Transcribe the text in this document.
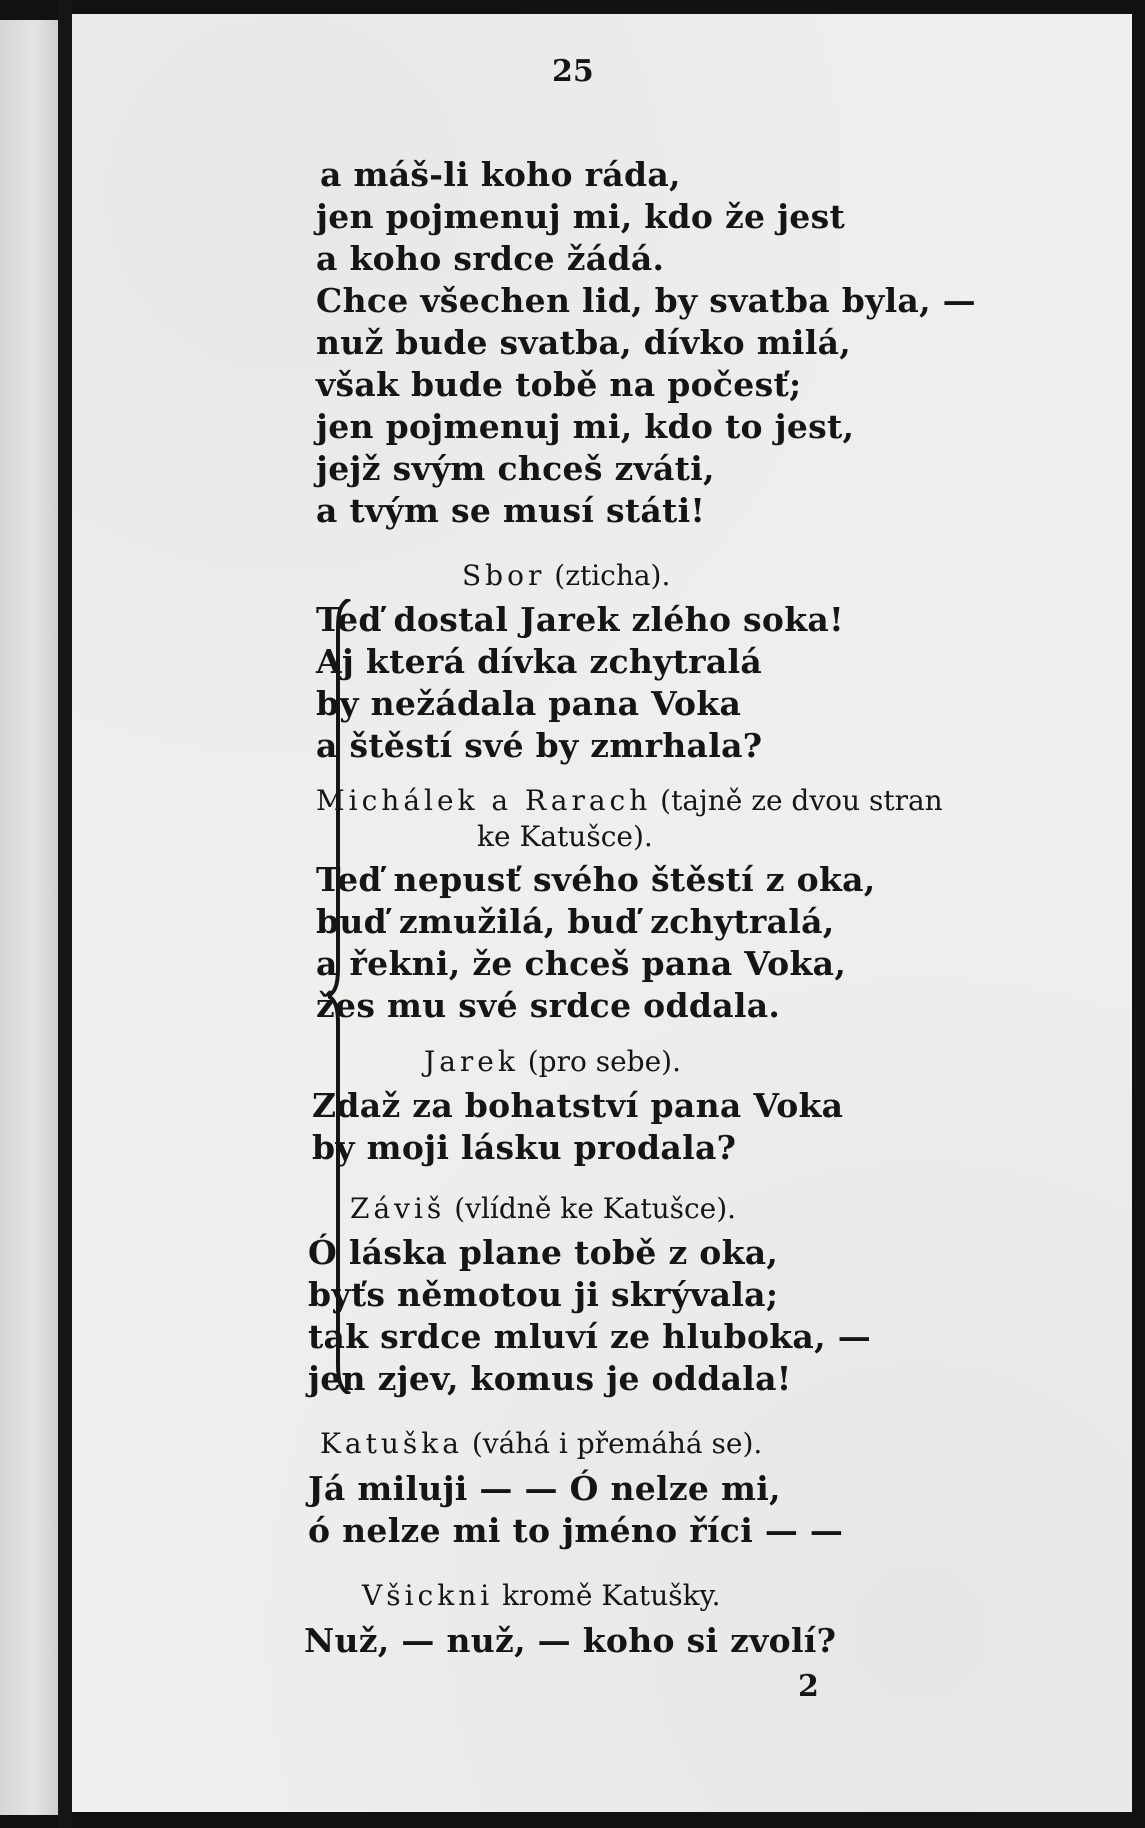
25
a máš-li koho ráda,
jen pojmenuj mi, kdo že jest
a koho srdce žádá.
Chce všechen lid, by svatba byla, —
nuž bude svatba, dívko milá,
však bude tobě na počesť;
jen pojmenuj mi, kdo to jest,
jejž svým chceš zváti,
a tvým se musí státi!
Sbor (zticha).
Teď dostal Jarek zlého soka!
Aj která dívka zchytralá
by nežádala pana Voka
a štěstí své by zmrhala?
Michálek a Rarach (tajně ze dvou stran
ke Katušce).
Teď nepusť svého štěstí z oka,
buď zmužilá, buď zchytralá,
a řekni, že chceš pana Voka,
žes mu své srdce oddala.
Jarek (pro sebe).
Zdaž za bohatství pana Voka
by moji lásku prodala?
Záviš (vlídně ke Katušce).
Ó láska plane tobě z oka,
byťs němotou ji skrývala;
tak srdce mluví ze hluboka, —
jen zjev, komus je oddala!
Katuška (váhá i přemáhá se).
Já miluji — — Ó nelze mi,
ó nelze mi to jméno říci — —
Všickni kromě Katušky.
Nuž, — nuž, — koho si zvolí?
2
